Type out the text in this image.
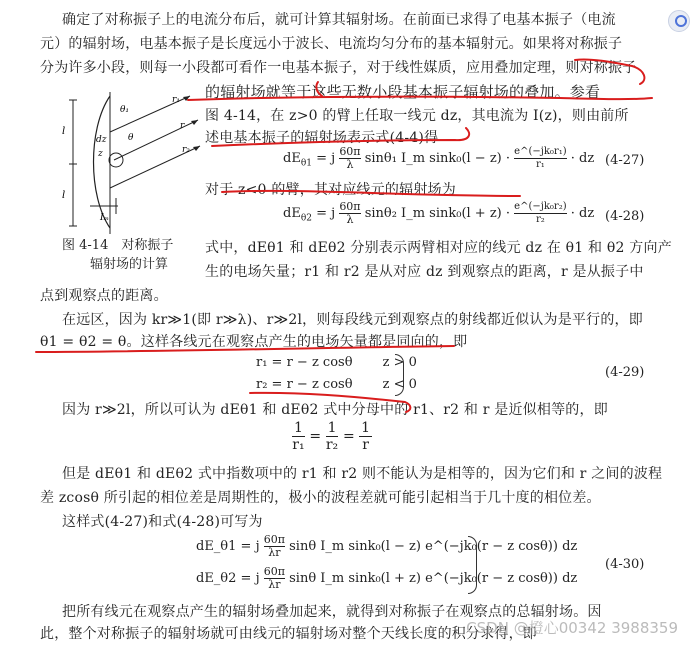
确定了对称振子上的电流分布后，就可计算其辐射场。在前面已求得了电基本振子（电流
元）的辐射场，电基本振子是长度远小于波长、电流均匀分布的基本辐射元。如果将对称振子
分为许多小段，则每一小段都可看作一电基本振子，对于线性媒质，应用叠加定理，则对称振子
的辐射场就等于这些无数小段基本振子辐射场的叠加。参看
图 4-14，在 z>0 的臂上任取一线元 dz，其电流为 I(z)，则由前所
述电基本振子的辐射场表示式(4-4)得
l
l
θ₁
θ
dz
z
r₁
r
r₂
Iₘ
图 4-14　对称振子
辐射场的计算
$dE_{\theta 1} = j \frac{60\pi}{\lambda} \sin\theta_1$ I_m $\sin k_0(l - z) \cdot \frac{\text{e\textasciicircum{}(−jk₀r₁)}}{\text{r₁}}$ · dz (4-27)
对于 z<0 的臂，其对应线元的辐射场为
$dE_{\theta 2} = j \frac{60\pi}{\lambda} \sin\theta_2$ I_m $\sin k_0(l + z) \cdot \frac{\text{e\textasciicircum{}(−jk₀r₂)}}{\text{r₂}}$ · dz (4-28)
式中，dEθ1 和 dEθ2 分别表示两臂相对应的线元 dz 在 θ1 和 θ2 方向产
生的电场矢量；r1 和 r2 是从对应 dz 到观察点的距离，r 是从振子中
点到观察点的距离。
在远区，因为 kr≫1(即 r≫λ)、r≫2l，则每段线元到观察点的射线都近似认为是平行的，即
θ1 = θ2 = θ。这样各线元在观察点产生的电场矢量都是同向的，即
r₁ = r − z cosθ　　 z > 0
r₂ = r − z cosθ　　 z < 0
(4-29)
因为 r≫2l，所以可认为 dEθ1 和 dEθ2 式中分母中的 r1、r2 和 r 是近似相等的，即
$\frac{1}{\text{r₁}} = \frac{1}{\text{r₂}} = \frac{1}{r}$
但是 dEθ1 和 dEθ2 式中指数项中的 r1 和 r2 则不能认为是相等的，因为它们和 r 之间的波程
差 zcosθ 所引起的相位差是周期性的，极小的波程差就可能引起相当于几十度的相位差。
这样式(4-27)和式(4-28)可写为
dE_θ1 = j $\frac{60\pi}{\lambda r}$ sinθ I_m sink₀(l − z) e^(−jk₀(r − z cosθ)) dz
dE_θ2 = j $\frac{60\pi}{\lambda r}$ sinθ I_m sink₀(l + z) e^(−jk₀(r − z cosθ)) dz
(4-30)
把所有线元在观察点产生的辐射场叠加起来，就得到对称振子在观察点的总辐射场。因
此，整个对称振子的辐射场就可由线元的辐射场对整个天线长度的积分求得，即
CSDN @橙心00342 3988359
